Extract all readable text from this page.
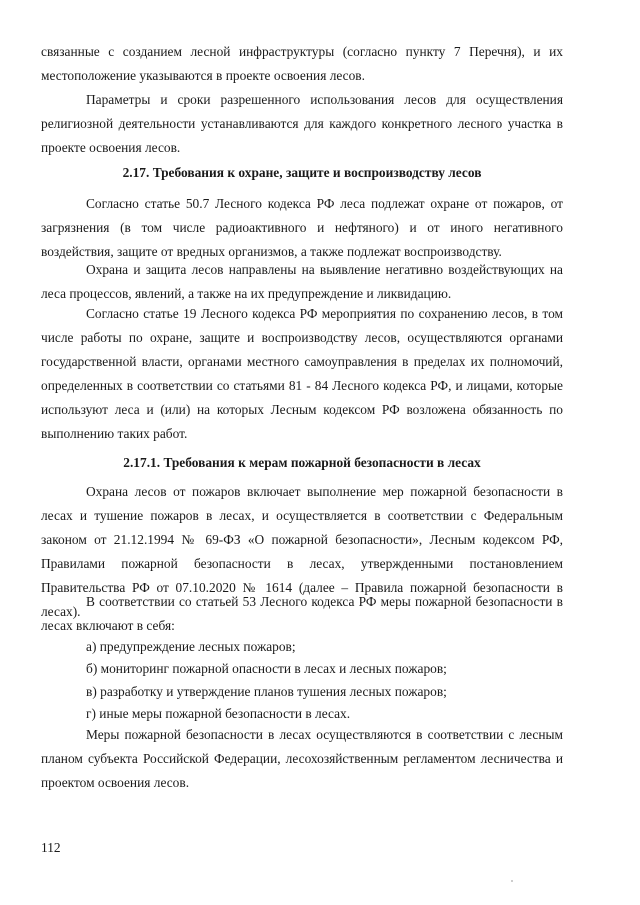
связанные с созданием лесной инфраструктуры (согласно пункту 7 Перечня), и их местоположение указываются в проекте освоения лесов.

Параметры и сроки разрешенного использования лесов для осуществления религиозной деятельности устанавливаются для каждого конкретного лесного участка в проекте освоения лесов.

2.17. Требования к охране, защите и воспроизводству лесов

Согласно статье 50.7 Лесного кодекса РФ леса подлежат охране от пожаров, от загрязнения (в том числе радиоактивного и нефтяного) и от иного негативного воздействия, защите от вредных организмов, а также подлежат воспроизводству.

Охрана и защита лесов направлены на выявление негативно воздействующих на леса процессов, явлений, а также на их предупреждение и ликвидацию.

Согласно статье 19 Лесного кодекса РФ мероприятия по сохранению лесов, в том числе работы по охране, защите и воспроизводству лесов, осуществляются органами государственной власти, органами местного самоуправления в пределах их полномочий, определенных в соответствии со статьями 81 - 84 Лесного кодекса РФ, и лицами, которые используют леса и (или) на которых Лесным кодексом РФ возложена обязанность по выполнению таких работ.

2.17.1. Требования к мерам пожарной безопасности в лесах

Охрана лесов от пожаров включает выполнение мер пожарной безопасности в лесах и тушение пожаров в лесах, и осуществляется в соответствии с Федеральным законом от 21.12.1994 № 69-ФЗ «О пожарной безопасности», Лесным кодексом РФ, Правилами пожарной безопасности в лесах, утвержденными постановлением Правительства РФ от 07.10.2020 № 1614 (далее – Правила пожарной безопасности в лесах).

В соответствии со статьей 53 Лесного кодекса РФ меры пожарной безопасности в лесах включают в себя:

а) предупреждение лесных пожаров;

б) мониторинг пожарной опасности в лесах и лесных пожаров;

в) разработку и утверждение планов тушения лесных пожаров;

г) иные меры пожарной безопасности в лесах.

Меры пожарной безопасности в лесах осуществляются в соответствии с лесным планом субъекта Российской Федерации, лесохозяйственным регламентом лесничества и проектом освоения лесов.

112
